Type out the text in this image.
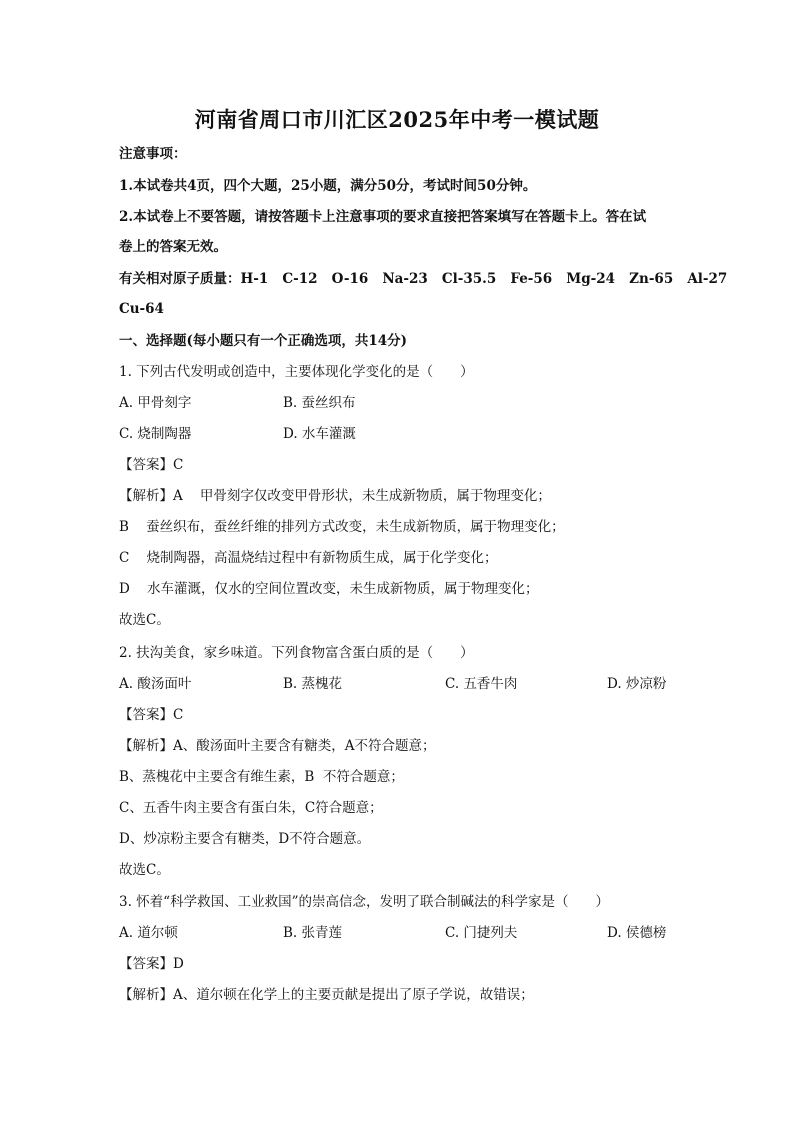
河南省周口市川汇区2025年中考一模试题
注意事项：
1.本试卷共4页，四个大题，25小题，满分50分，考试时间50分钟。
2.本试卷上不要答题，请按答题卡上注意事项的要求直接把答案填写在答题卡上。答在试
卷上的答案无效。
有关相对原子质量：H-1   C-12   O-16   Na-23   Cl-35.5   Fe-56   Mg-24   Zn-65   Al-27
Cu-64
一、选择题(每小题只有一个正确选项，共14分)
1. 下列古代发明或创造中，主要体现化学变化的是（　　）
A. 甲骨刻字	B. 蚕丝织布
C. 烧制陶器	D. 水车灌溉
【答案】C
【解析】A    甲骨刻字仅改变甲骨形状，未生成新物质，属于物理变化；
B    蚕丝织布，蚕丝纤维的排列方式改变，未生成新物质，属于物理变化；
C    烧制陶器，高温烧结过程中有新物质生成，属于化学变化；
D    水车灌溉，仅水的空间位置改变，未生成新物质，属于物理变化；
故选C。
2. 扶沟美食，家乡味道。下列食物富含蛋白质的是（　　）
A. 酸汤面叶	B. 蒸槐花	C. 五香牛肉	D. 炒凉粉
【答案】C
【解析】A、酸汤面叶主要含有糖类，A不符合题意；
B、蒸槐花中主要含有维生素，B  不符合题意；
C、五香牛肉主要含有蛋白朱，C符合题意；
D、炒凉粉主要含有糖类，D不符合题意。
故选C。
3. 怀着“科学救国、工业救国”的崇高信念，发明了联合制碱法的科学家是（　　）
A. 道尔顿	B. 张青莲	C. 门捷列夫	D. 侯德榜
【答案】D
【解析】A、道尔顿在化学上的主要贡献是提出了原子学说，故错误；
